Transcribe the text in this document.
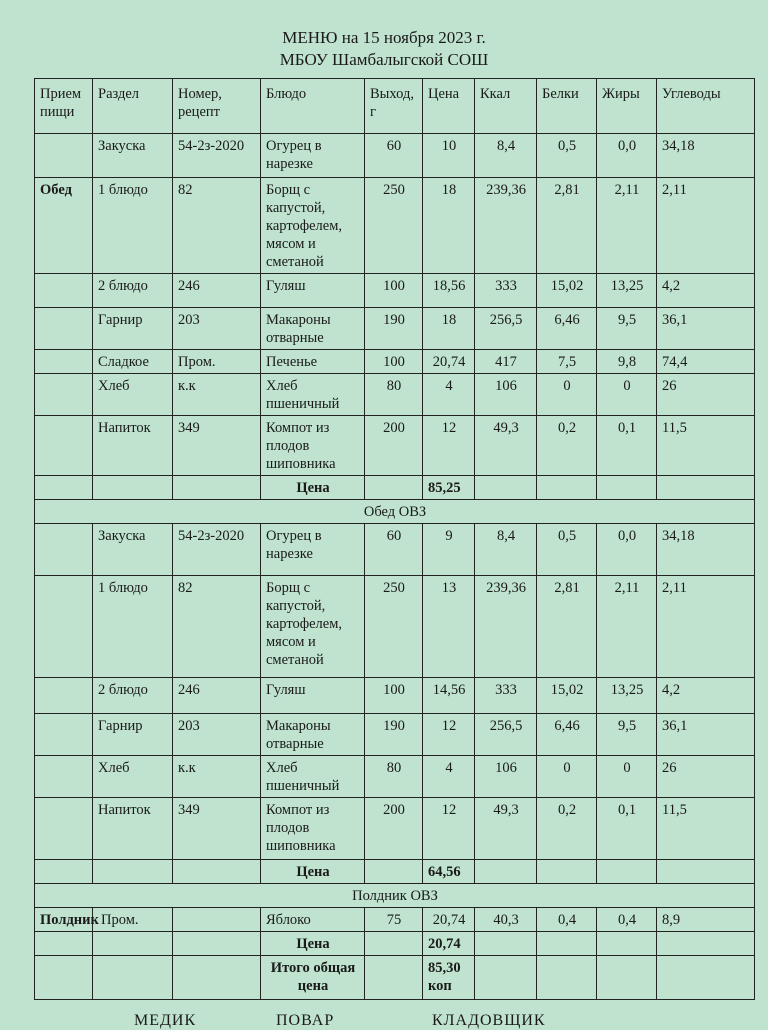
МЕНЮ на 15 ноября 2023 г.
МБОУ Шамбалыгской СОШ
Прием пищи	Раздел	Номер, рецепт	Блюдо	Выход, г	Цена	Ккал	Белки	Жиры	Углеводы
	Закуска	54-2з-2020	Огурец в нарезке	60	10	8,4	0,5	0,0	34,18
Обед	1 блюдо	82	Борщ с капустой, картофелем, мясом и сметаной	250	18	239,36	2,81	2,11	2,11
	2 блюдо	246	Гуляш	100	18,56	333	15,02	13,25	4,2
	Гарнир	203	Макароны отварные	190	18	256,5	6,46	9,5	36,1
	Сладкое	Пром.	Печенье	100	20,74	417	7,5	9,8	74,4
	Хлеб	к.к	Хлеб пшеничный	80	4	106	0	0	26
	Напиток	349	Компот из плодов шиповника	200	12	49,3	0,2	0,1	11,5
			Цена		85,25				
Обед ОВЗ									
	Закуска	54-2з-2020	Огурец в нарезке	60	9	8,4	0,5	0,0	34,18
	1 блюдо	82	Борщ с капустой, картофелем, мясом и сметаной	250	13	239,36	2,81	2,11	2,11
	2 блюдо	246	Гуляш	100	14,56	333	15,02	13,25	4,2
	Гарнир	203	Макароны отварные	190	12	256,5	6,46	9,5	36,1
	Хлеб	к.к	Хлеб пшеничный	80	4	106	0	0	26
	Напиток	349	Компот из плодов шиповника	200	12	49,3	0,2	0,1	11,5
			Цена		64,56				
Полдник ОВЗ									
Полдник	Пром.		Яблоко	75	20,74	40,3	0,4	0,4	8,9
			Цена		20,74				
			Итого общая цена		85,30 коп				
МЕДИК	ПОВАР	КЛАДОВЩИК
